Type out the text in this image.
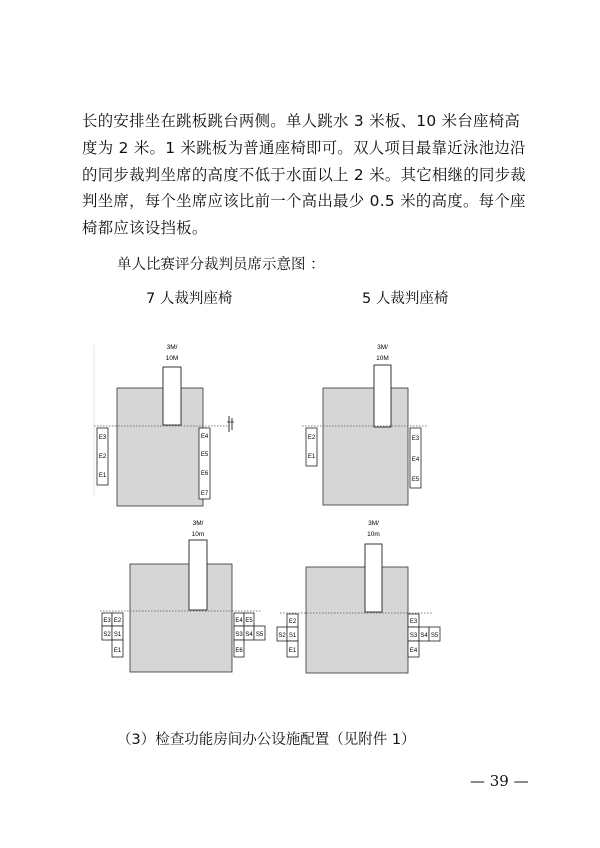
长的安排坐在跳板跳台两侧。单人跳水 3 米板、10 米台座椅高
度为 2 米。1 米跳板为普通座椅即可。双人项目最靠近泳池边沿
的同步裁判坐席的高度不低于水面以上 2 米。其它相继的同步裁
判坐席，每个坐席应该比前一个高出最少 0.5 米的高度。每个座
椅都应该设挡板。
单人比赛评分裁判员席示意图 ：
7 人裁判座椅	5 人裁判座椅
3M/
10M
E3
E2
E1
E4
E5
E6
E7
3M/
10M
E2
E1
E3
E4
E5
3M/
10m
E3 E2
S2 S1
E1
E4 E5
S3 S4 S5
E6
3M/
10m
E2
S2 S1
E1
E3
S3 S4 S5
E4
（3）检查功能房间办公设施配置（见附件 1）
— 39 —
